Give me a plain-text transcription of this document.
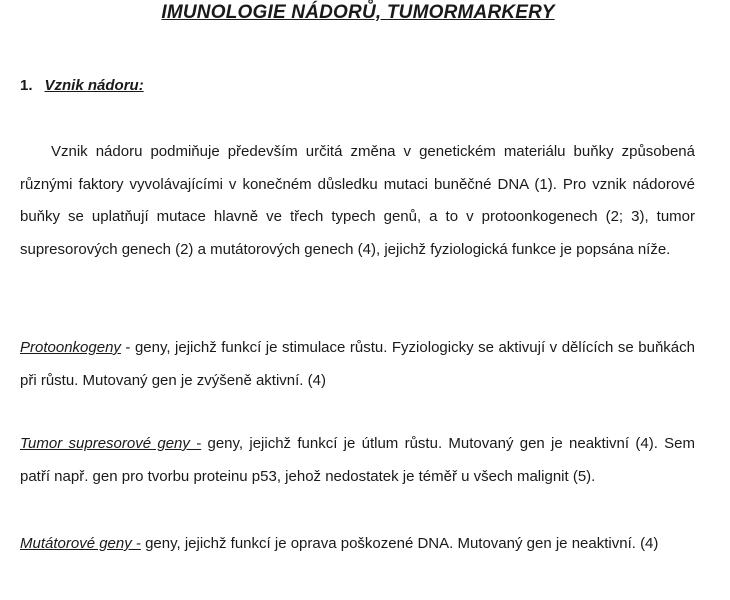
IMUNOLOGIE NÁDORŮ, TUMORMARKERY
1. Vznik nádoru:

Vznik nádoru podmiňuje především určitá změna v genetickém materiálu buňky způsobená různými faktory vyvolávajícími v konečném důsledku mutaci buněčné DNA (1). Pro vznik nádorové buňky se uplatňují mutace hlavně ve třech typech genů, a to v protoonkogenech (2; 3), tumor supresorových genech (2) a mutátorových genech (4), jejichž fyziologická funkce je popsána níže.

Protoonkogeny - geny, jejichž funkcí je stimulace růstu. Fyziologicky se aktivují v dělících se buňkách při růstu. Mutovaný gen je zvýšeně aktivní. (4)

Tumor supresorové geny - geny, jejichž funkcí je útlum růstu. Mutovaný gen je neaktivní (4). Sem patří např. gen pro tvorbu proteinu p53, jehož nedostatek je téměř u všech malignit (5).

Mutátorové geny - geny, jejichž funkcí je oprava poškozené DNA. Mutovaný gen je neaktivní. (4)
